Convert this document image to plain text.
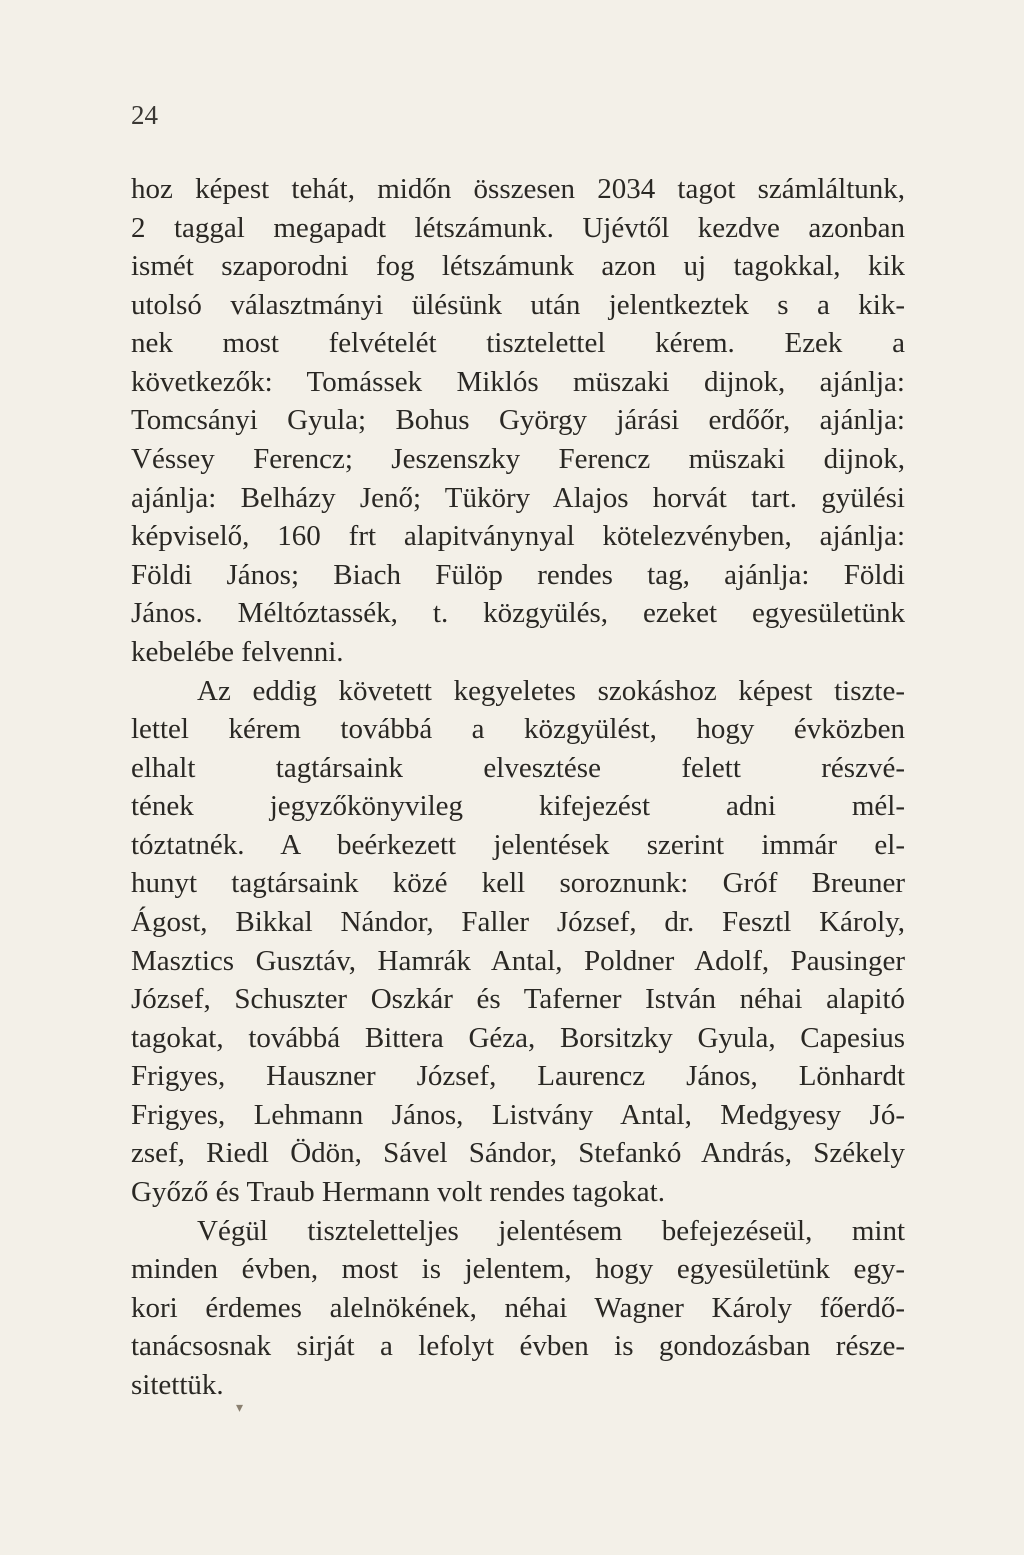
24
hoz képest tehát, midőn összesen 2034 tagot számláltunk,
2 taggal megapadt létszámunk. Ujévtől kezdve azonban
ismét szaporodni fog létszámunk azon uj tagokkal, kik
utolsó választmányi ülésünk után jelentkeztek s a kik-
nek most felvételét tisztelettel kérem. Ezek a
következők: Tomássek Miklós müszaki dijnok, ajánlja:
Tomcsányi Gyula; Bohus György járási erdőőr, ajánlja:
Véssey Ferencz; Jeszenszky Ferencz müszaki dijnok,
ajánlja: Belházy Jenő; Tüköry Alajos horvát tart. gyülési
képviselő, 160 frt alapitványnyal kötelezvényben, ajánlja:
Földi János; Biach Fülöp rendes tag, ajánlja: Földi
János. Méltóztassék, t. közgyülés, ezeket egyesületünk
kebelébe felvenni.
Az eddig követett kegyeletes szokáshoz képest tiszte-
lettel kérem továbbá a közgyülést, hogy évközben
elhalt tagtársaink elvesztése felett részvé-
tének jegyzőkönyvileg kifejezést adni mél-
tóztatnék. A beérkezett jelentések szerint immár el-
hunyt tagtársaink közé kell soroznunk: Gróf Breuner
Ágost, Bikkal Nándor, Faller József, dr. Fesztl Károly,
Masztics Gusztáv, Hamrák Antal, Poldner Adolf, Pausinger
József, Schuszter Oszkár és Taferner István néhai alapitó
tagokat, továbbá Bittera Géza, Borsitzky Gyula, Capesius
Frigyes, Hauszner József, Laurencz János, Lönhardt
Frigyes, Lehmann János, Listvány Antal, Medgyesy Jó-
zsef, Riedl Ödön, Sável Sándor, Stefankó András, Székely
Győző és Traub Hermann volt rendes tagokat.
Végül tiszteletteljes jelentésem befejezéseül, mint
minden évben, most is jelentem, hogy egyesületünk egy-
kori érdemes alelnökének, néhai Wagner Károly főerdő-
tanácsosnak sirját a lefolyt évben is gondozásban része-
sitettük.
▾
